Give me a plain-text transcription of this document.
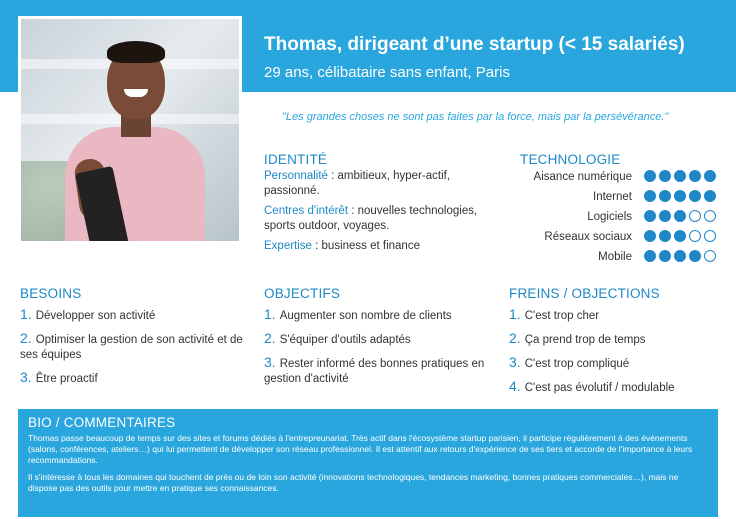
Thomas, dirigeant d’une startup (< 15 salariés)
29 ans, célibataire sans enfant, Paris
"Les grandes choses ne sont pas faites par la force, mais par la persévérance."
IDENTITÉ

Personnalité : ambitieux, hyper-actif, passionné.

Centres d'intérêt : nouvelles technologies, sports outdoor, voyages.

Expertise : business et finance

TECHNOLOGIE
Aisance numérique
Internet
Logiciels
Réseaux sociaux
Mobile
BESOINS
1. Développer son activité
2. Optimiser la gestion de son activité et de ses équipes
3. Être proactif
OBJECTIFS
1. Augmenter son nombre de clients
2. S'équiper d'outils adaptés
3. Rester informé des bonnes pratiques en gestion d'activité
FREINS / OBJECTIONS
1. C'est trop cher
2. Ça prend trop de temps
3. C'est trop compliqué
4. C'est pas évolutif / modulable
BIO / COMMENTAIRES

Thomas passe beaucoup de temps sur des sites et forums dédiés à l'entrepreunariat. Très actif dans l'écosystème startup parisien, il participe régulièrement à des événements (salons, conférences, ateliers…) qui lui permettent de développer son réseau professionnel. Il est attentif aux retours d'expérience de ses tiers et accorde de l'importance à leurs recommandations.

Il s'intéresse à tous les domaines qui touchent de près ou de loin son activité (innovations technologiques, tendances marketing, bonnes pratiques commerciales…), mais ne dispose pas des outils pour mettre en pratique ses connaissances.
